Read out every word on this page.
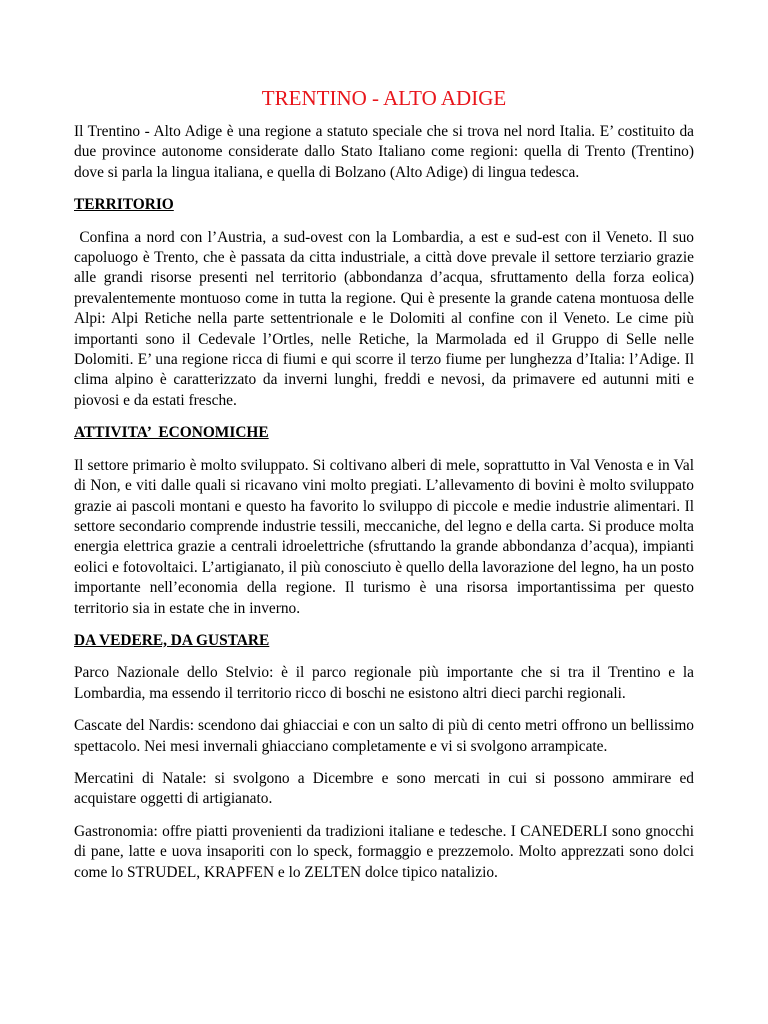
TRENTINO - ALTO ADIGE

Il Trentino - Alto Adige è una regione a statuto speciale che si trova nel nord Italia. E’ costituito da due province autonome considerate dallo Stato Italiano come regioni: quella di Trento (Trentino) dove si parla la lingua italiana, e quella di Bolzano (Alto Adige) di lingua tedesca.

TERRITORIO

Confina a nord con l’Austria, a sud-ovest con la Lombardia, a est e sud-est con il Veneto. Il suo capoluogo è Trento, che è passata da citta industriale, a città dove prevale il settore terziario grazie alle grandi risorse presenti nel territorio (abbondanza d’acqua, sfruttamento della forza eolica) prevalentemente montuoso come in tutta la regione. Qui è presente la grande catena montuosa delle Alpi: Alpi Retiche nella parte settentrionale e le Dolomiti al confine con il Veneto. Le cime più importanti sono il Cedevale l’Ortles, nelle Retiche, la Marmolada ed il Gruppo di Selle nelle Dolomiti. E’ una regione ricca di fiumi e qui scorre il terzo fiume per lunghezza d’Italia: l’Adige. Il clima alpino è caratterizzato da inverni lunghi, freddi e nevosi, da primavere ed autunni miti e piovosi e da estati fresche.

ATTIVITA’  ECONOMICHE

Il settore primario è molto sviluppato. Si coltivano alberi di mele, soprattutto in Val Venosta e in Val di Non, e viti dalle quali si ricavano vini molto pregiati. L’allevamento di bovini è molto sviluppato grazie ai pascoli montani e questo ha favorito lo sviluppo di piccole e medie industrie alimentari. Il settore secondario comprende industrie tessili, meccaniche, del legno e della carta. Si produce molta energia elettrica grazie a centrali idroelettriche (sfruttando la grande abbondanza d’acqua), impianti eolici e fotovoltaici. L’artigianato, il più conosciuto è quello della lavorazione del legno, ha un posto importante nell’economia della regione. Il turismo è una risorsa importantissima per questo territorio sia in estate che in inverno.

DA VEDERE, DA GUSTARE

Parco Nazionale dello Stelvio: è il parco regionale più importante che si tra il Trentino e la Lombardia, ma essendo il territorio ricco di boschi ne esistono altri dieci parchi regionali.

Cascate del Nardis: scendono dai ghiacciai e con un salto di più di cento metri offrono un bellissimo spettacolo. Nei mesi invernali ghiacciano completamente e vi si svolgono arrampicate.

Mercatini di Natale: si svolgono a Dicembre e sono mercati in cui si possono ammirare ed acquistare oggetti di artigianato.

Gastronomia: offre piatti provenienti da tradizioni italiane e tedesche. I CANEDERLI sono gnocchi di pane, latte e uova insaporiti con lo speck, formaggio e prezzemolo. Molto apprezzati sono dolci come lo STRUDEL, KRAPFEN e lo ZELTEN dolce tipico natalizio.
